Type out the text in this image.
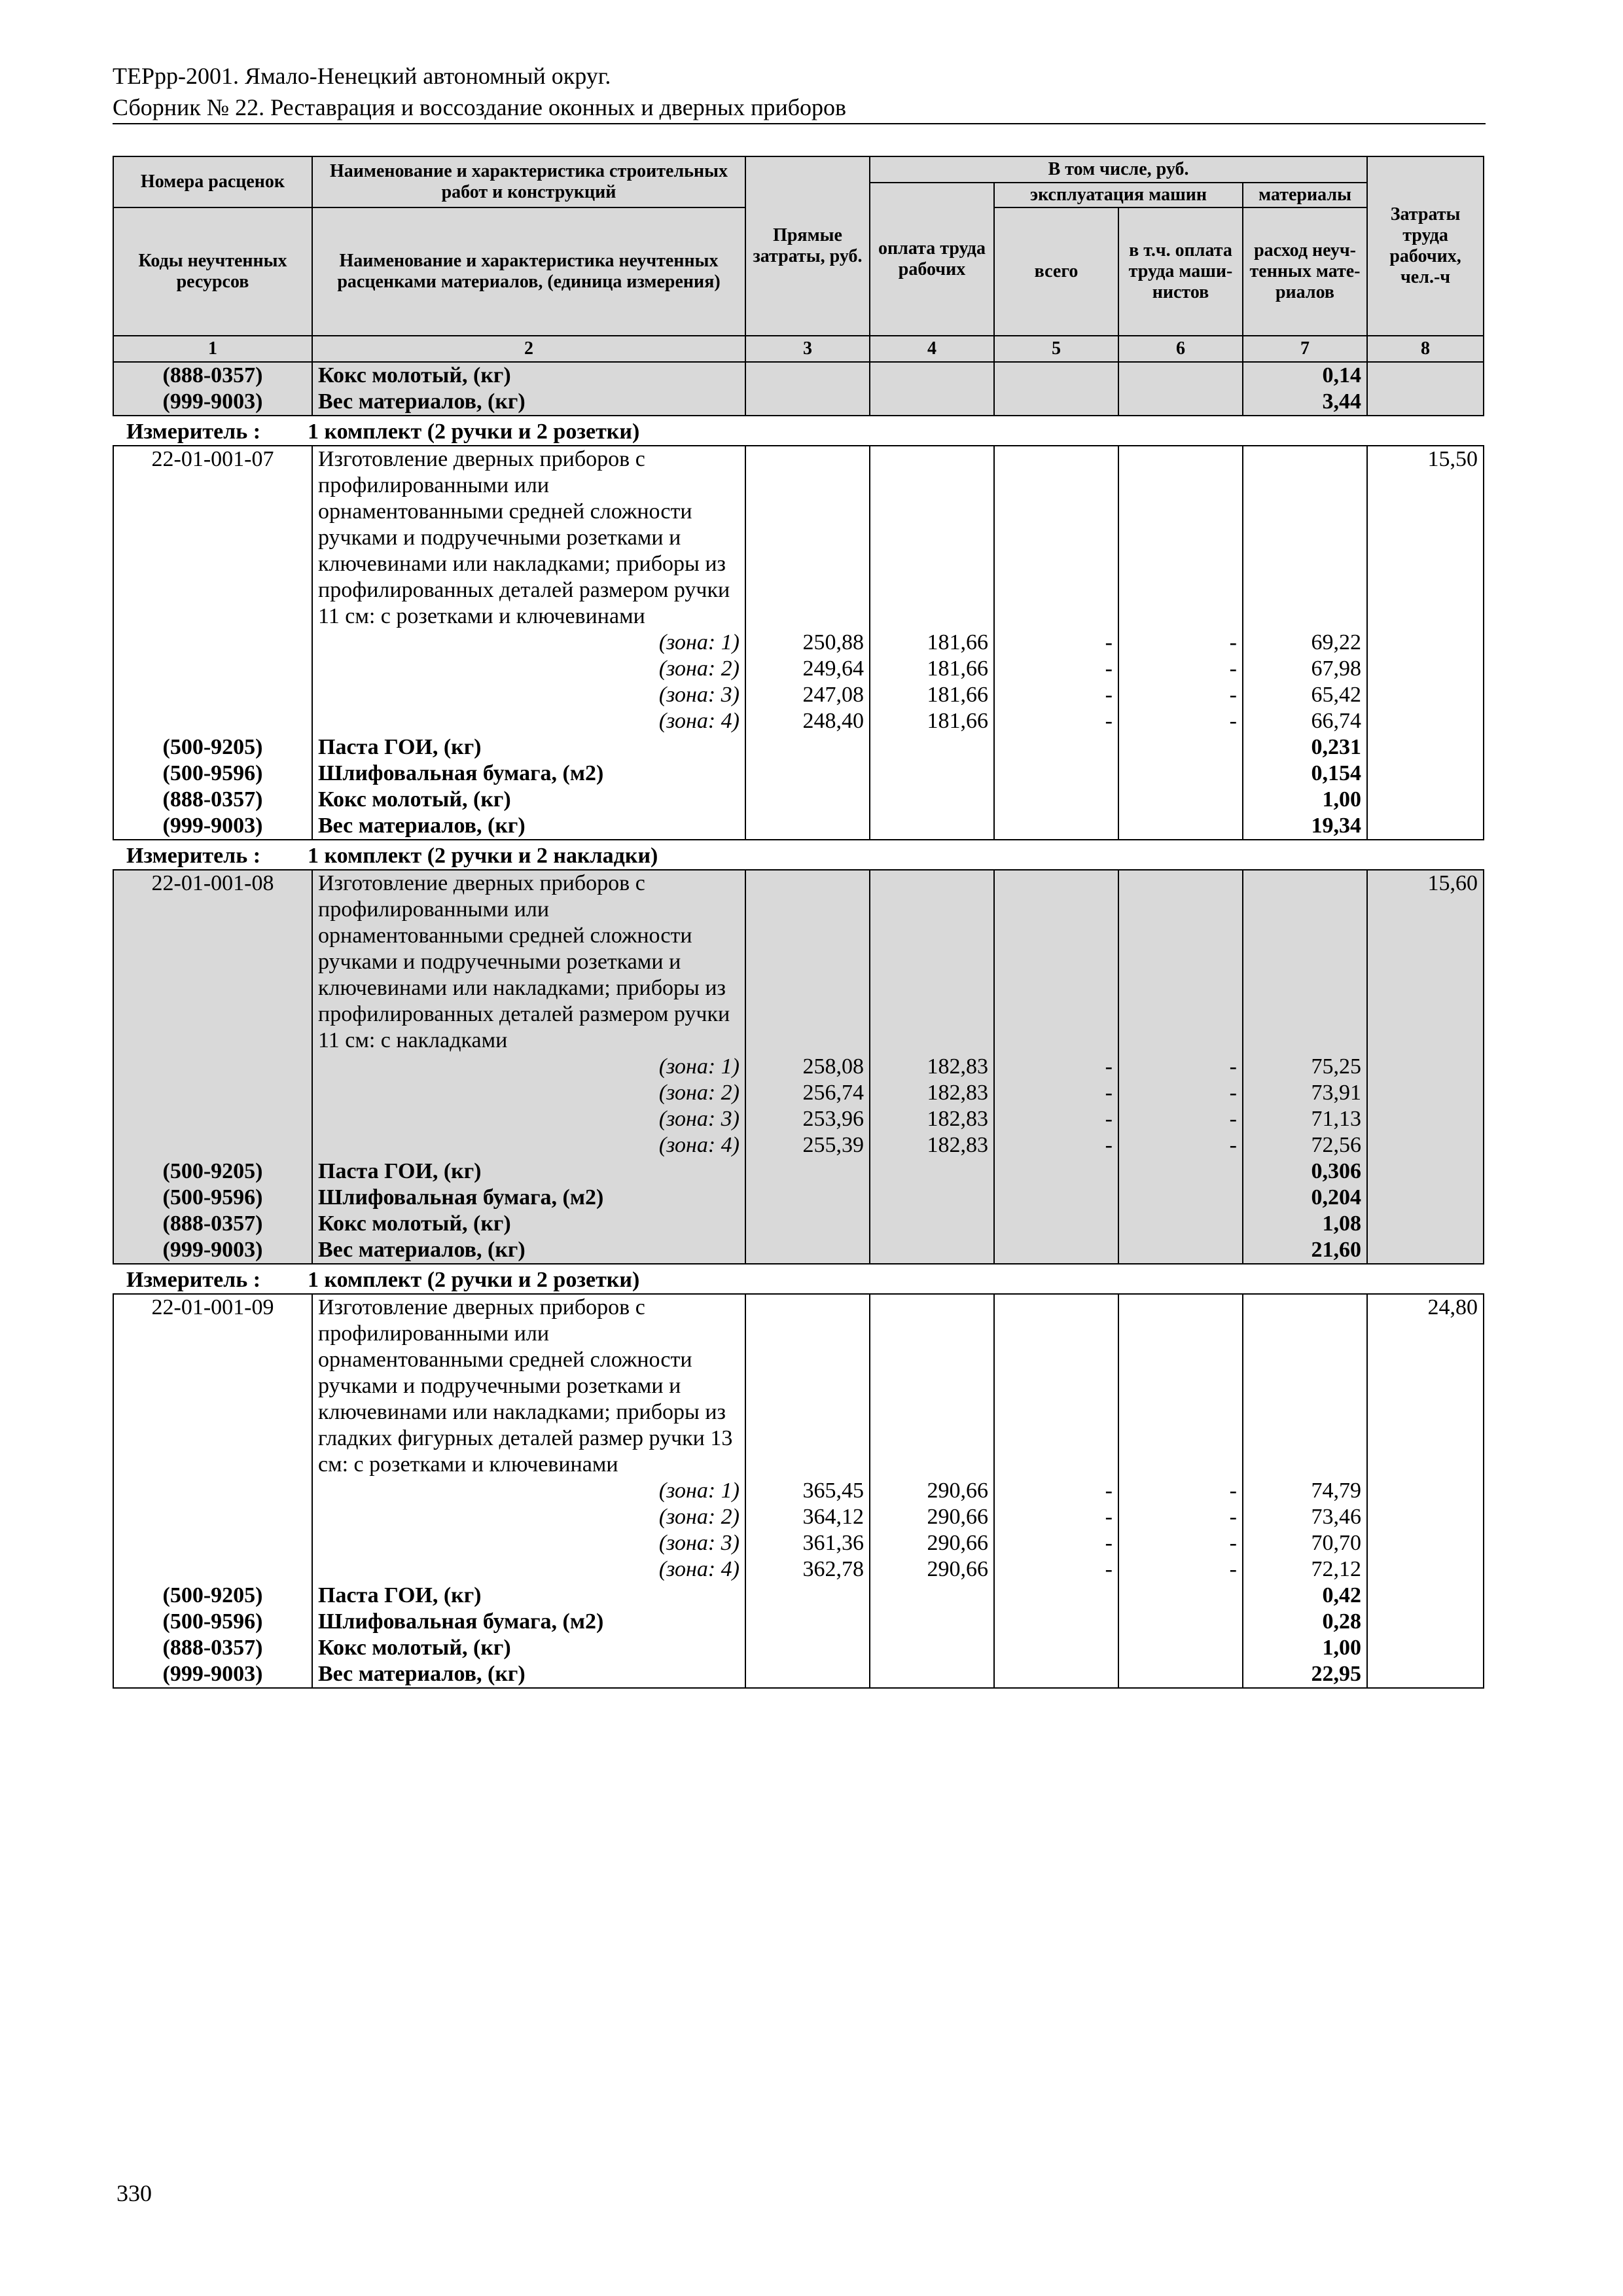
ТЕРрр-2001. Ямало-Ненецкий автономный округ.
Сборник № 22. Реставрация и воссоздание оконных и дверных приборов
Номера расценок	Наименование и характеристика строительных работ и конструкций	Прямые затраты, руб.	В том числе, руб.				Затраты труда рабочих, чел.-ч
			оплата труда рабочих	эксплуатация машин		материалы	
Коды неучтенных ресурсов	Наименование и характеристика неучтенных расценками материалов, (единица измерения)			всего	в т.ч. оплата труда маши-нистов	расход неуч-тенных мате-риалов	

1	2	3	4	5	6	7	8
(888-0357)	Кокс молотый, (кг)					0,14	
(999-9003)	Вес материалов, (кг)					3,44	
Измеритель : 1 комплект (2 ручки и 2 розетки)							
22-01-001-07	Изготовление дверных приборов с профилированными или орнаментованными средней сложности ручками и подручечными розетками и ключевинами или накладками; приборы из профилированных деталей размером ручки 11 см: с розетками и ключевинами						15,50
	(зона: 1)	250,88	181,66	-	-	69,22	
	(зона: 2)	249,64	181,66	-	-	67,98	
	(зона: 3)	247,08	181,66	-	-	65,42	
	(зона: 4)	248,40	181,66	-	-	66,74	
(500-9205)	Паста ГОИ, (кг)					0,231	
(500-9596)	Шлифовальная бумага, (м2)					0,154	
(888-0357)	Кокс молотый, (кг)					1,00	
(999-9003)	Вес материалов, (кг)					19,34	
Измеритель : 1 комплект (2 ручки и 2 накладки)							
22-01-001-08	Изготовление дверных приборов с профилированными или орнаментованными средней сложности ручками и подручечными розетками и ключевинами или накладками; приборы из профилированных деталей размером ручки 11 см: с накладками						15,60
	(зона: 1)	258,08	182,83	-	-	75,25	
	(зона: 2)	256,74	182,83	-	-	73,91	
	(зона: 3)	253,96	182,83	-	-	71,13	
	(зона: 4)	255,39	182,83	-	-	72,56	
(500-9205)	Паста ГОИ, (кг)					0,306	
(500-9596)	Шлифовальная бумага, (м2)					0,204	
(888-0357)	Кокс молотый, (кг)					1,08	
(999-9003)	Вес материалов, (кг)					21,60	
Измеритель : 1 комплект (2 ручки и 2 розетки)							
22-01-001-09	Изготовление дверных приборов с профилированными или орнаментованными средней сложности ручками и подручечными розетками и ключевинами или накладками; приборы из гладких фигурных деталей размер ручки 13 см: с розетками и ключевинами						24,80
	(зона: 1)	365,45	290,66	-	-	74,79	
	(зона: 2)	364,12	290,66	-	-	73,46	
	(зона: 3)	361,36	290,66	-	-	70,70	
	(зона: 4)	362,78	290,66	-	-	72,12	
(500-9205)	Паста ГОИ, (кг)					0,42	
(500-9596)	Шлифовальная бумага, (м2)					0,28	
(888-0357)	Кокс молотый, (кг)					1,00	
(999-9003)	Вес материалов, (кг)					22,95	
330
